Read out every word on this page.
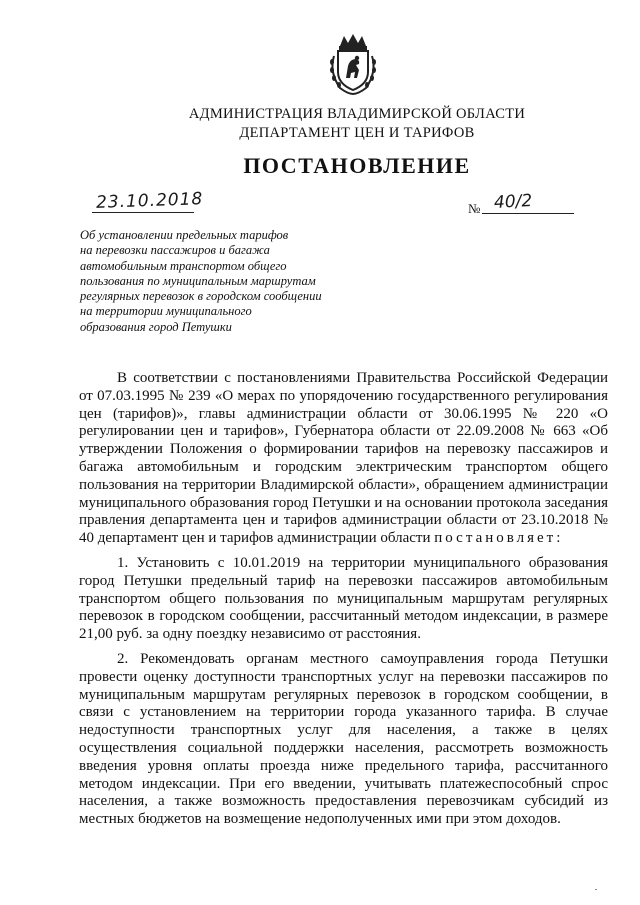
АДМИНИСТРАЦИЯ ВЛАДИМИРСКОЙ ОБЛАСТИ
ДЕПАРТАМЕНТ ЦЕН И ТАРИФОВ
ПОСТАНОВЛЕНИЕ
23.10.2018	№ 40/2
Об установлении предельных тарифов
на перевозки пассажиров и багажа
автомобильным транспортом общего
пользования по муниципальным маршрутам
регулярных перевозок в городском сообщении
на территории муниципального
образования город Петушки

В соответствии с постановлениями Правительства Российской Федерации от 07.03.1995 № 239 «О мерах по упорядочению государственного регулирования цен (тарифов)», главы администрации области от 30.06.1995 № 220 «О регулировании цен и тарифов», Губернатора области от 22.09.2008 № 663 «Об утверждении Положения о формировании тарифов на перевозку пассажиров и багажа автомобильным и городским электрическим транспортом общего пользования на территории Владимирской области», обращением администрации муниципального образования город Петушки и на основании протокола заседания правления департамента цен и тарифов администрации области от 23.10.2018 № 40 департамент цен и тарифов администрации области постановляет:

1. Установить с 10.01.2019 на территории муниципального образования город Петушки предельный тариф на перевозки пассажиров автомобильным транспортом общего пользования по муниципальным маршрутам регулярных перевозок в городском сообщении, рассчитанный методом индексации, в размере 21,00 руб. за одну поездку независимо от расстояния.

2. Рекомендовать органам местного самоуправления города Петушки провести оценку доступности транспортных услуг на перевозки пассажиров по муниципальным маршрутам регулярных перевозок в городском сообщении, в связи с установлением на территории города указанного тарифа. В случае недоступности транспортных услуг для населения, а также в целях осуществления социальной поддержки населения, рассмотреть возможность введения уровня оплаты проезда ниже предельного тарифа, рассчитанного методом индексации. При его введении, учитывать платежеспособный спрос населения, а также возможность предоставления перевозчикам субсидий из местных бюджетов на возмещение недополученных ими при этом доходов.
